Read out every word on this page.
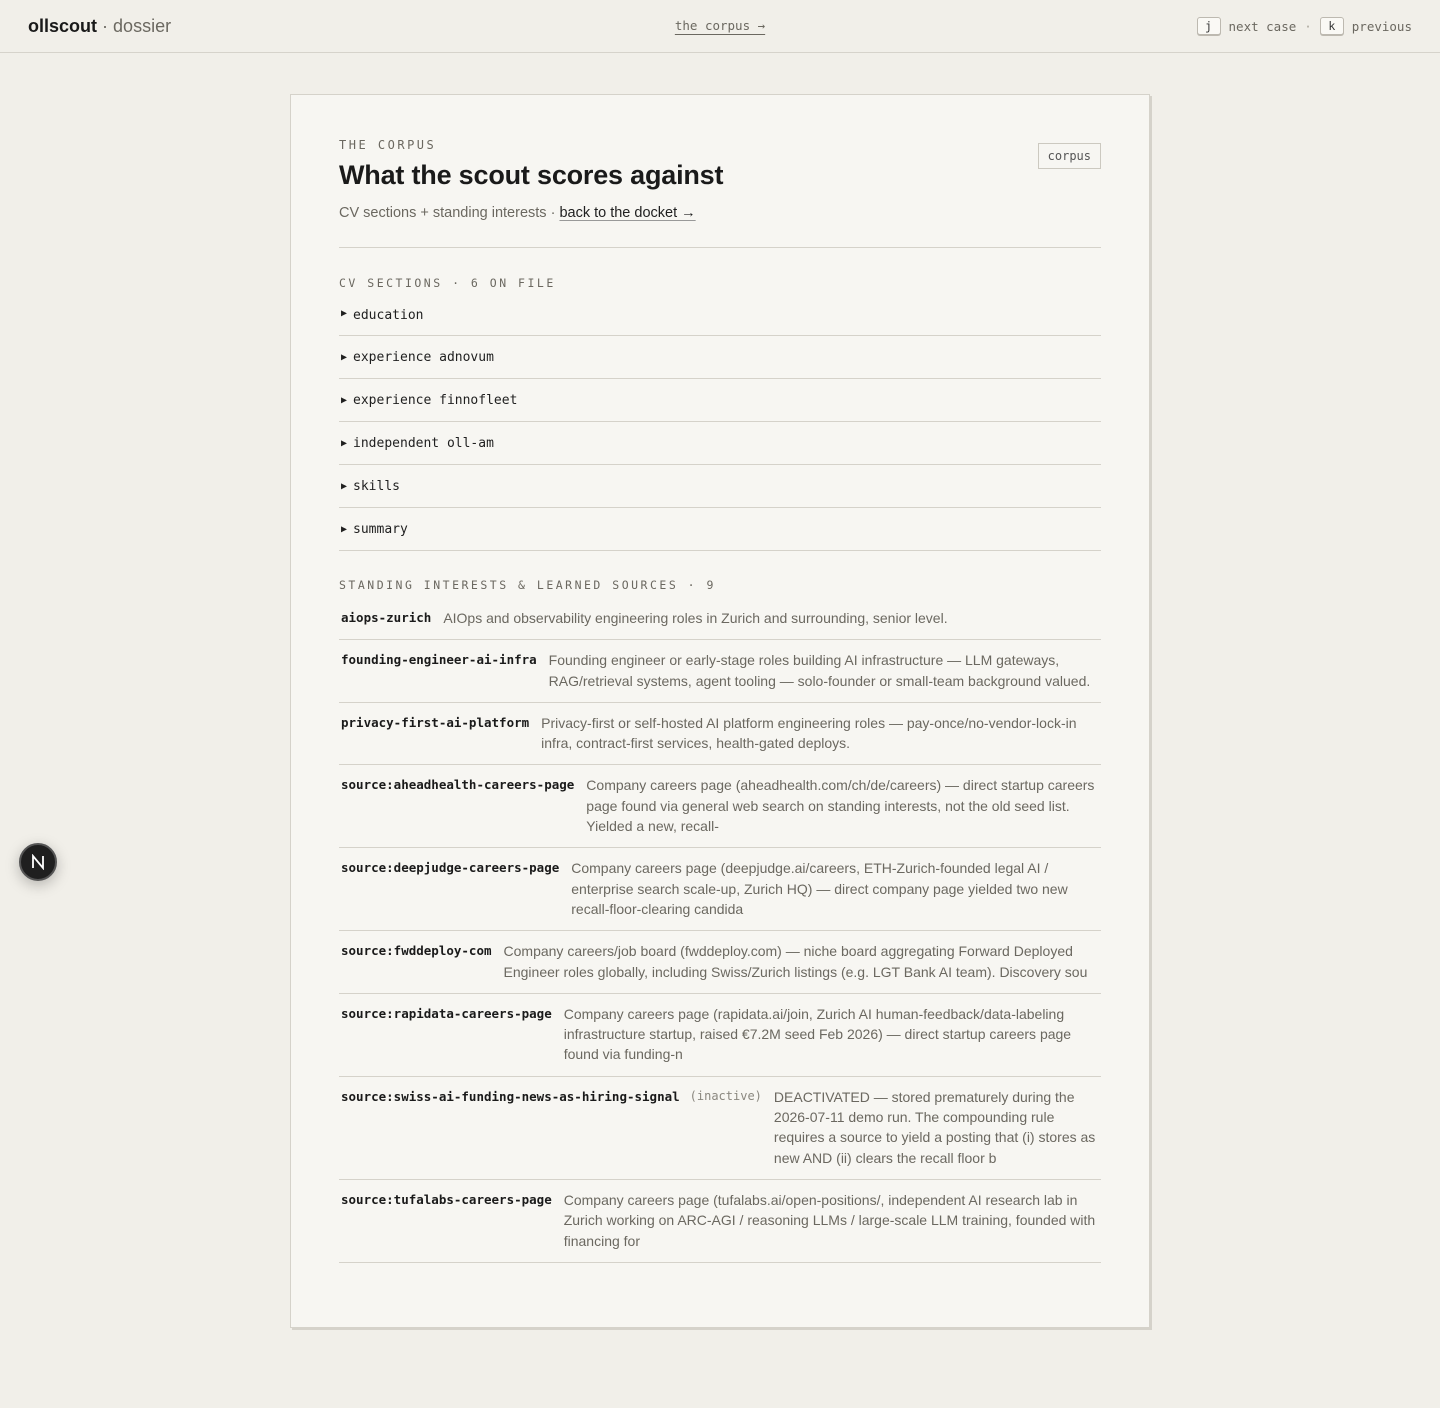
ollscout · dossier	the corpus →	j	next case ·	k	previous
THE CORPUS
What the scout scores against
CV sections + standing interests · back to the docket →
corpus
CV SECTIONS · 6 ON FILE
▶ education
▶ experience adnovum
▶ experience finnofleet
▶ independent oll-am
▶ skills
▶ summary
STANDING INTERESTS & LEARNED SOURCES · 9
aiops-zurich AIOps and observability engineering roles in Zurich and surrounding, senior level.
founding-engineer-ai-infra Founding engineer or early-stage roles building AI infrastructure — LLM gateways, RAG/retrieval systems, agent tooling — solo-founder or small-team background valued.
privacy-first-ai-platform Privacy-first or self-hosted AI platform engineering roles — pay-once/no-vendor-lock-in infra, contract-first services, health-gated deploys.
source:aheadhealth-careers-page Company careers page (aheadhealth.com/ch/de/careers) — direct startup careers page found via general web search on standing interests, not the old seed list. Yielded a new, recall-
source:deepjudge-careers-page Company careers page (deepjudge.ai/careers, ETH-Zurich-founded legal AI / enterprise search scale-up, Zurich HQ) — direct company page yielded two new recall-floor-clearing candida
source:fwddeploy-com Company careers/job board (fwddeploy.com) — niche board aggregating Forward Deployed Engineer roles globally, including Swiss/Zurich listings (e.g. LGT Bank AI team). Discovery sou
source:rapidata-careers-page Company careers page (rapidata.ai/join, Zurich AI human-feedback/data-labeling infrastructure startup, raised €7.2M seed Feb 2026) — direct startup careers page found via funding-n
source:swiss-ai-funding-news-as-hiring-signal (inactive) DEACTIVATED — stored prematurely during the 2026-07-11 demo run. The compounding rule requires a source to yield a posting that (i) stores as new AND (ii) clears the recall floor b
source:tufalabs-careers-page Company careers page (tufalabs.ai/open-positions/, independent AI research lab in Zurich working on ARC-AGI / reasoning LLMs / large-scale LLM training, founded with financing for
